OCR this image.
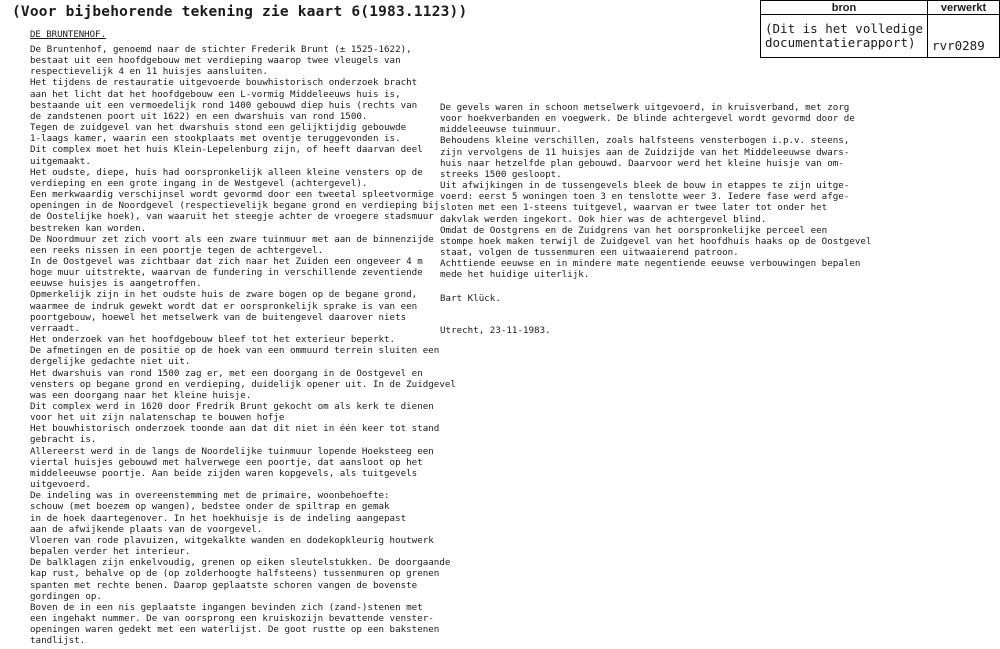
(Voor bijbehorende tekening zie kaart 6(1983.1123))	bron	verwerkt
(Dit is het volledige
documentatierapport)	rvr0289
DE BRUNTENHOF.
De Bruntenhof, genoemd naar de stichter Frederik Brunt (± 1525-1622),
bestaat uit een hoofdgebouw met verdieping waarop twee vleugels van
respectievelijk 4 en 11 huisjes aansluiten.
Het tijdens de restauratie uitgevoerde bouwhistorisch onderzoek bracht
aan het licht dat het hoofdgebouw een L-vormig Middeleeuws huis is,
bestaande uit een vermoedelijk rond 1400 gebouwd diep huis (rechts van
de zandstenen poort uit 1622) en een dwarshuis van rond 1500.
Tegen de zuidgevel van het dwarshuis stond een gelijktijdig gebouwde
1-laags kamer, waarin een stookplaats met oventje teruggevonden is.
Dit complex moet het huis Klein-Lepelenburg zijn, of heeft daarvan deel
uitgemaakt.
Het oudste, diepe, huis had oorspronkelijk alleen kleine vensters op de
verdieping en een grote ingang in de Westgevel (achtergevel).
Een merkwaardig verschijnsel wordt gevormd door een tweetal spleetvormige
openingen in de Noordgevel (respectievelijk begane grond en verdieping bij
de Oostelijke hoek), van waaruit het steegje achter de vroegere stadsmuur
bestreken kan worden.
De Noordmuur zet zich voort als een zware tuinmuur met aan de binnenzijde
een reeks nissen in een poortje tegen de achtergevel.
In de Oostgevel was zichtbaar dat zich naar het Zuiden een ongeveer 4 m
hoge muur uitstrekte, waarvan de fundering in verschillende zeventiende
eeuwse huisjes is aangetroffen.
Opmerkelijk zijn in het oudste huis de zware bogen op de begane grond,
waarmee de indruk gewekt wordt dat er oorspronkelijk sprake is van een
poortgebouw, hoewel het metselwerk van de buitengevel daarover niets
verraadt.
Het onderzoek van het hoofdgebouw bleef tot het exterieur beperkt.
De afmetingen en de positie op de hoek van een ommuurd terrein sluiten een
dergelijke gedachte niet uit.
Het dwarshuis van rond 1500 zag er, met een doorgang in de Oostgevel en
vensters op begane grond en verdieping, duidelijk opener uit. In de Zuidgevel
was een doorgang naar het kleine huisje.
Dit complex werd in 1620 door Fredrik Brunt gekocht om als kerk te dienen
voor het uit zijn nalatenschap te bouwen hofje
Het bouwhistorisch onderzoek toonde aan dat dit niet in één keer tot stand
gebracht is.
Allereerst werd in de langs de Noordelijke tuinmuur lopende Hoeksteeg een
viertal huisjes gebouwd met halverwege een poortje, dat aansloot op het
middeleeuwse poortje. Aan beide zijden waren kopgevels, als tuitgevels
uitgevoerd.
De indeling was in overeenstemming met de primaire, woonbehoefte:
schouw (met boezem op wangen), bedstee onder de spiltrap en gemak
in de hoek daartegenover. In het hoekhuisje is de indeling aangepast
aan de afwijkende plaats van de voorgevel.
Vloeren van rode plavuizen, witgekalkte wanden en dodekopkleurig houtwerk
bepalen verder het interieur.
De balklagen zijn enkelvoudig, grenen op eiken sleutelstukken. De doorgaande
kap rust, behalve op de (op zolderhoogte halfsteens) tussenmuren op grenen
spanten met rechte benen. Daarop geplaatste schoren vangen de bovenste
gordingen op.
Boven de in een nis geplaatste ingangen bevinden zich (zand-)stenen met
een ingehakt nummer. De van oorsprong een kruiskozijn bevattende venster-
openingen waren gedekt met een waterlijst. De goot rustte op een bakstenen
tandlijst.
De gevels waren in schoon metselwerk uitgevoerd, in kruisverband, met zorg
voor hoekverbanden en voegwerk. De blinde achtergevel wordt gevormd door de
middeleeuwse tuinmuur.
Behoudens kleine verschillen, zoals halfsteens vensterbogen i.p.v. steens,
zijn vervolgens de 11 huisjes aan de Zuidzijde van het Middeleeuwse dwars-
huis naar hetzelfde plan gebouwd. Daarvoor werd het kleine huisje van om-
streeks 1500 gesloopt.
Uit afwijkingen in de tussengevels bleek de bouw in etappes te zijn uitge-
voerd: eerst 5 woningen toen 3 en tenslotte weer 3. Iedere fase werd afge-
sloten met een 1-steens tuitgevel, waarvan er twee later tot onder het
dakvlak werden ingekort. Ook hier was de achtergevel blind.
Omdat de Oostgrens en de Zuidgrens van het oorspronkelijke perceel een
stompe hoek maken terwijl de Zuidgevel van het hoofdhuis haaks op de Oostgevel
staat, volgen de tussenmuren een uitwaaierend patroon.
Achttiende eeuwse en in mindere mate negentiende eeuwse verbouwingen bepalen
mede het huidige uiterlijk.
Bart Klück.
Utrecht, 23-11-1983.
